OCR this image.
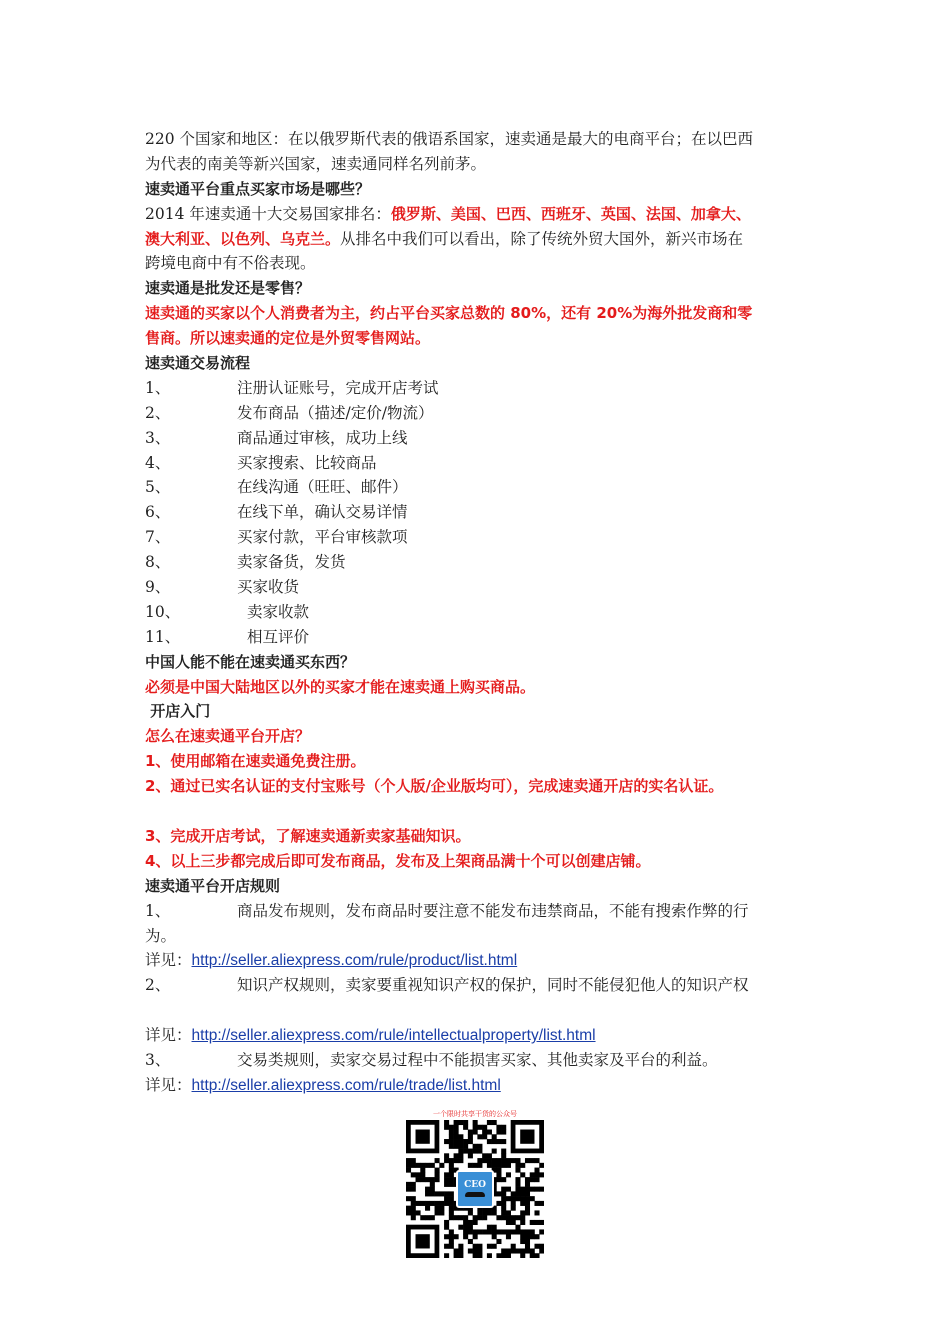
220 个国家和地区：在以俄罗斯代表的俄语系国家，速卖通是最大的电商平台；在以巴西
为代表的南美等新兴国家，速卖通同样名列前茅。
速卖通平台重点买家市场是哪些？
2014 年速卖通十大交易国家排名：俄罗斯、美国、巴西、西班牙、英国、法国、加拿大、
澳大利亚、以色列、乌克兰。从排名中我们可以看出，除了传统外贸大国外，新兴市场在
跨境电商中有不俗表现。
速卖通是批发还是零售？
速卖通的买家以个人消费者为主，约占平台买家总数的 80%，还有 20%为海外批发商和零
售商。所以速卖通的定位是外贸零售网站。
速卖通交易流程
1、	注册认证账号，完成开店考试
2、	发布商品（描述/定价/物流）
3、	商品通过审核，成功上线
4、	买家搜索、比较商品
5、	在线沟通（旺旺、邮件）
6、	在线下单，确认交易详情
7、	买家付款，平台审核款项
8、	卖家备货，发货
9、	买家收货
10、	卖家收款
11、	相互评价
中国人能不能在速卖通买东西？
必须是中国大陆地区以外的买家才能在速卖通上购买商品。
开店入门
怎么在速卖通平台开店？
1、使用邮箱在速卖通免费注册。
2、通过已实名认证的支付宝账号（个人版/企业版均可），完成速卖通开店的实名认证。
3、完成开店考试，了解速卖通新卖家基础知识。
4、以上三步都完成后即可发布商品，发布及上架商品满十个可以创建店铺。
速卖通平台开店规则
1、	商品发布规则，发布商品时要注意不能发布违禁商品，不能有搜索作弊的行
为。
详见：http://seller.aliexpress.com/rule/product/list.html
2、	知识产权规则，卖家要重视知识产权的保护，同时不能侵犯他人的知识产权
详见：http://seller.aliexpress.com/rule/intellectualproperty/list.html
3、	交易类规则，卖家交易过程中不能损害买家、其他卖家及平台的利益。
详见：http://seller.aliexpress.com/rule/trade/list.html
一个限时共享干货的公众号
CEO
